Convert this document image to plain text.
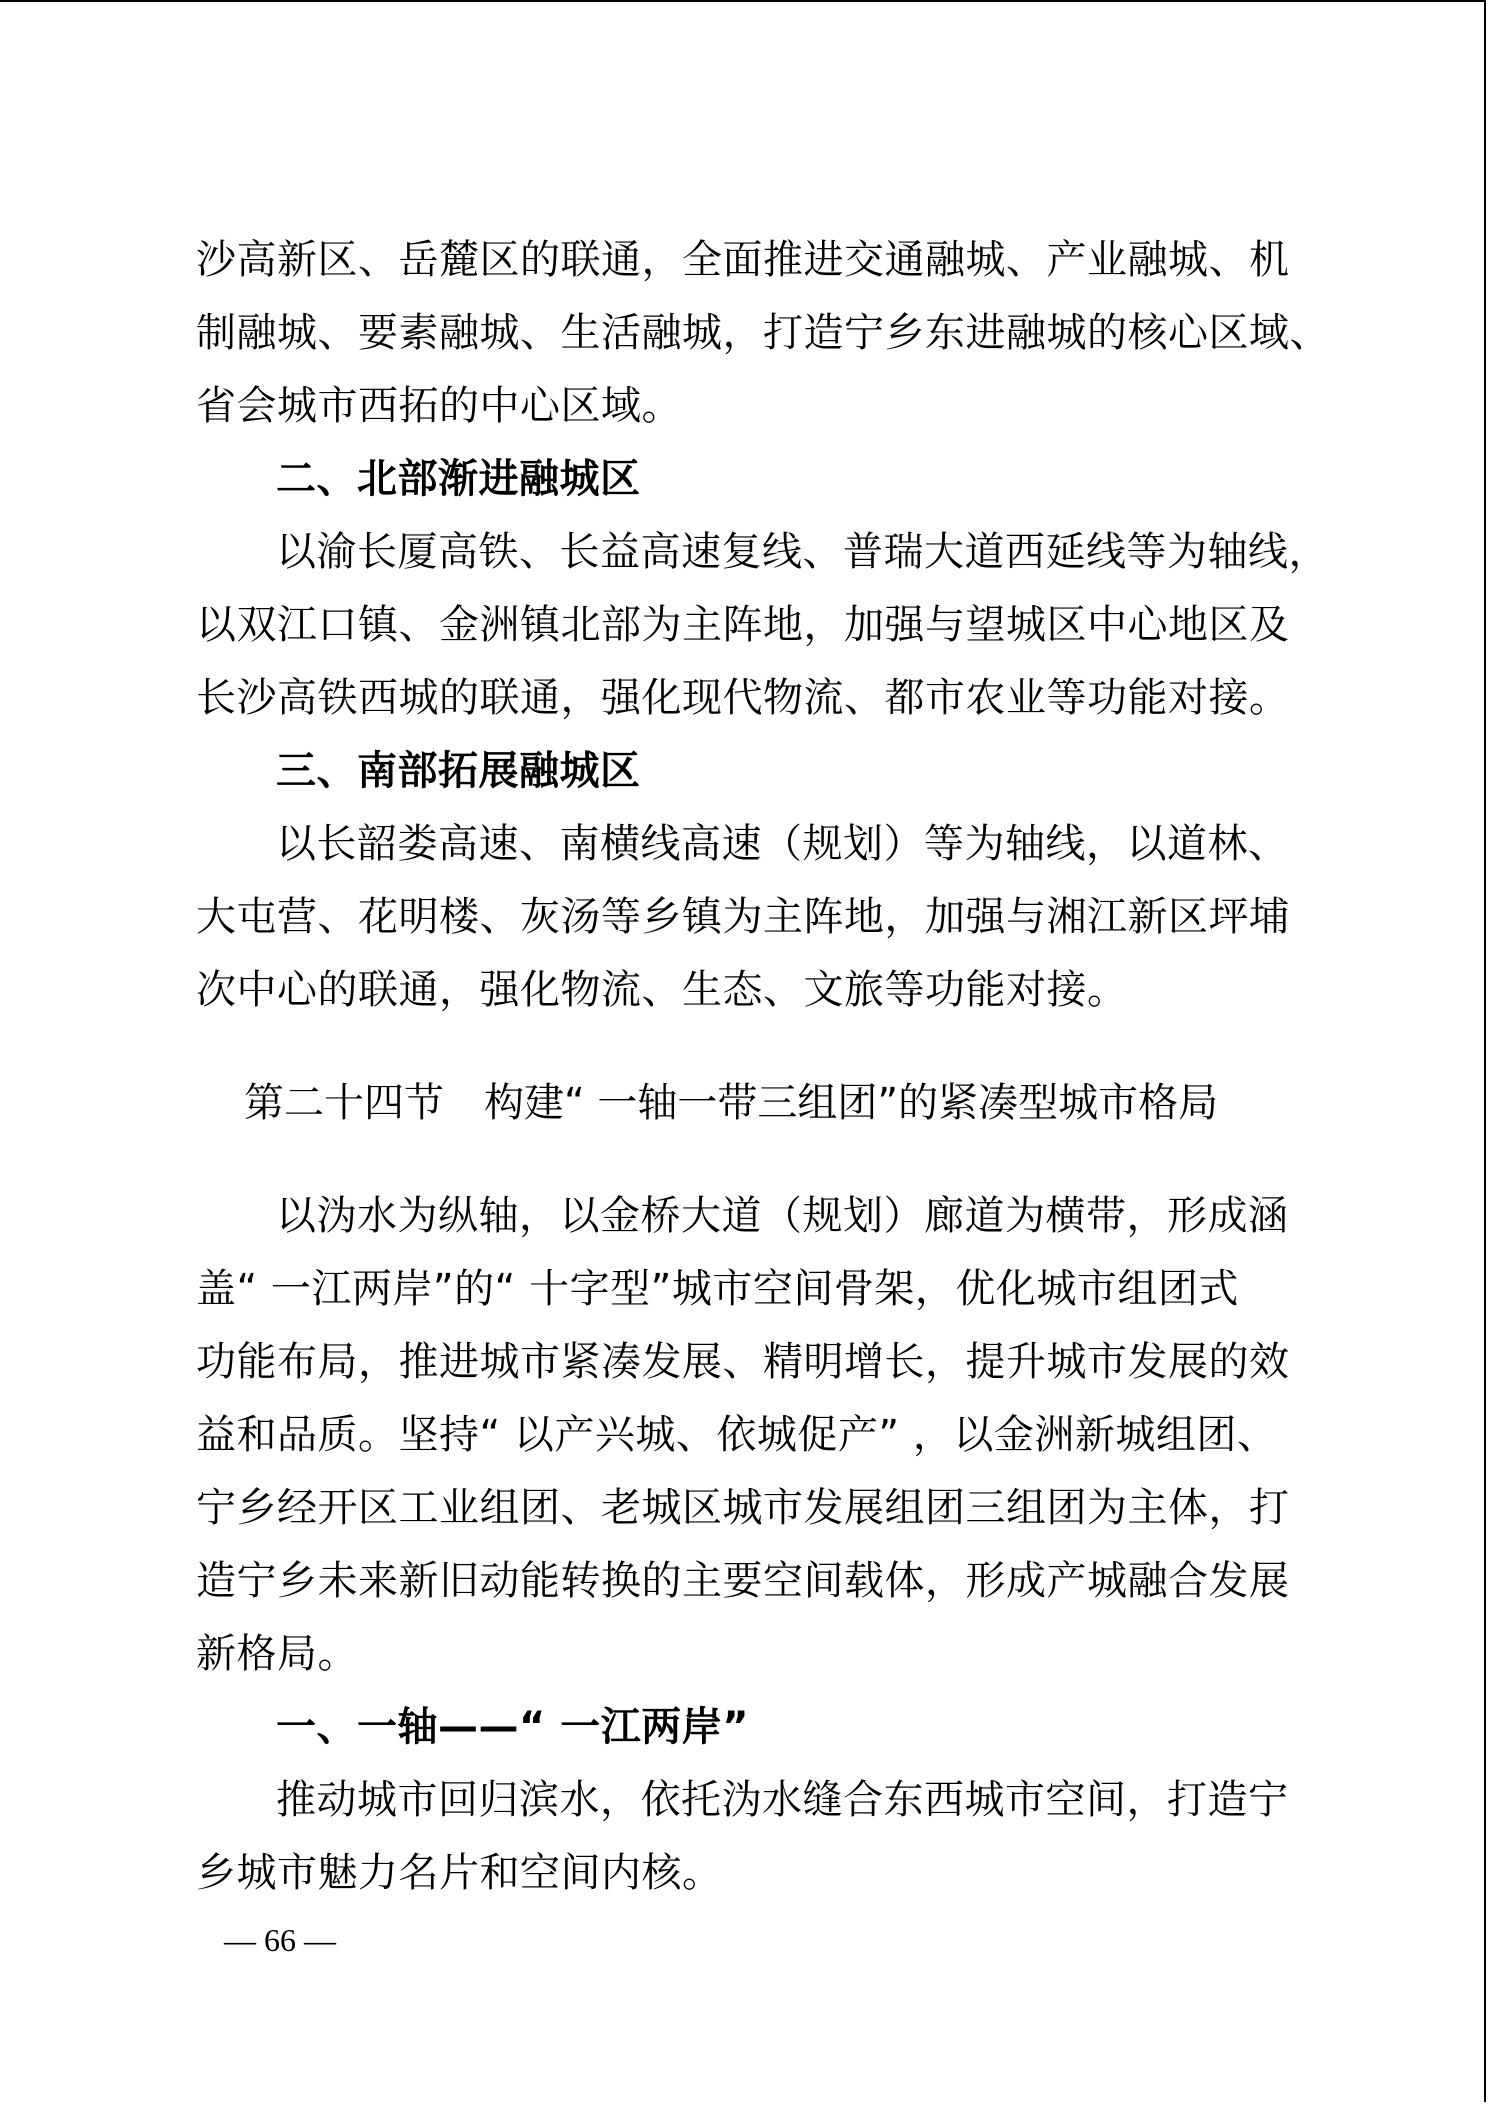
沙高新区、岳麓区的联通，全面推进交通融城、产业融城、机
制融城、要素融城、生活融城，打造宁乡东进融城的核心区域、
省会城市西拓的中心区域。
二、北部渐进融城区
以渝长厦高铁、长益高速复线、普瑞大道西延线等为轴线，
以双江口镇、金洲镇北部为主阵地，加强与望城区中心地区及
长沙高铁西城的联通，强化现代物流、都市农业等功能对接。
三、南部拓展融城区
以长韶娄高速、南横线高速（规划）等为轴线，以道林、
大屯营、花明楼、灰汤等乡镇为主阵地，加强与湘江新区坪埔
次中心的联通，强化物流、生态、文旅等功能对接。
第二十四节　构建“ 一轴一带三组团”的紧凑型城市格局
以沩水为纵轴，以金桥大道（规划）廊道为横带，形成涵
盖“ 一江两岸”的“ 十字型”城市空间骨架，优化城市组团式
功能布局，推进城市紧凑发展、精明增长，提升城市发展的效
益和品质。坚持“ 以产兴城、依城促产” ，以金洲新城组团、
宁乡经开区工业组团、老城区城市发展组团三组团为主体，打
造宁乡未来新旧动能转换的主要空间载体，形成产城融合发展
新格局。
一、一轴——“ 一江两岸”
推动城市回归滨水，依托沩水缝合东西城市空间，打造宁
乡城市魅力名片和空间内核。
— 66 —
